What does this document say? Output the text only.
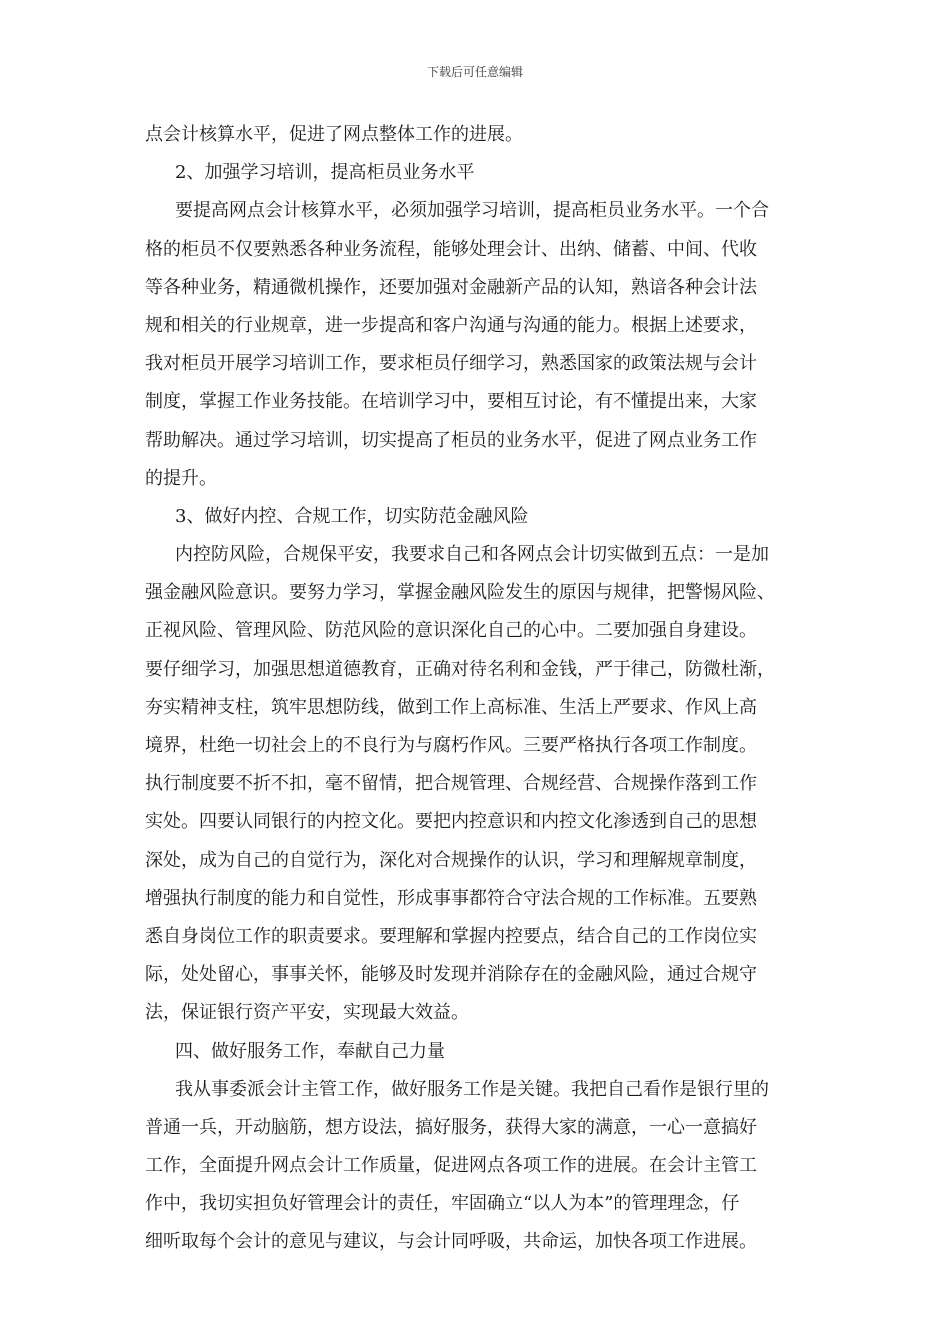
下载后可任意编辑
点会计核算水平，促进了网点整体工作的进展。
2、加强学习培训，提高柜员业务水平
要提高网点会计核算水平，必须加强学习培训，提高柜员业务水平。一个合
格的柜员不仅要熟悉各种业务流程，能够处理会计、出纳、储蓄、中间、代收
等各种业务，精通微机操作，还要加强对金融新产品的认知，熟谙各种会计法
规和相关的行业规章，进一步提高和客户沟通与沟通的能力。根据上述要求，
我对柜员开展学习培训工作，要求柜员仔细学习，熟悉国家的政策法规与会计
制度，掌握工作业务技能。在培训学习中，要相互讨论，有不懂提出来，大家
帮助解决。通过学习培训，切实提高了柜员的业务水平，促进了网点业务工作
的提升。
3、做好内控、合规工作，切实防范金融风险
内控防风险，合规保平安，我要求自己和各网点会计切实做到五点：一是加
强金融风险意识。要努力学习，掌握金融风险发生的原因与规律，把警惕风险、
正视风险、管理风险、防范风险的意识深化自己的心中。二要加强自身建设。
要仔细学习，加强思想道德教育，正确对待名利和金钱，严于律己，防微杜渐，
夯实精神支柱，筑牢思想防线，做到工作上高标准、生活上严要求、作风上高
境界，杜绝一切社会上的不良行为与腐朽作风。三要严格执行各项工作制度。
执行制度要不折不扣，毫不留情，把合规管理、合规经营、合规操作落到工作
实处。四要认同银行的内控文化。要把内控意识和内控文化渗透到自己的思想
深处，成为自己的自觉行为，深化对合规操作的认识，学习和理解规章制度，
增强执行制度的能力和自觉性，形成事事都符合守法合规的工作标准。五要熟
悉自身岗位工作的职责要求。要理解和掌握内控要点，结合自己的工作岗位实
际，处处留心，事事关怀，能够及时发现并消除存在的金融风险，通过合规守
法，保证银行资产平安，实现最大效益。
四、做好服务工作，奉献自己力量
我从事委派会计主管工作，做好服务工作是关键。我把自己看作是银行里的
普通一兵，开动脑筋，想方设法，搞好服务，获得大家的满意，一心一意搞好
工作，全面提升网点会计工作质量，促进网点各项工作的进展。在会计主管工
作中，我切实担负好管理会计的责任，牢固确立“以人为本”的管理理念，仔
细听取每个会计的意见与建议，与会计同呼吸，共命运，加快各项工作进展。
